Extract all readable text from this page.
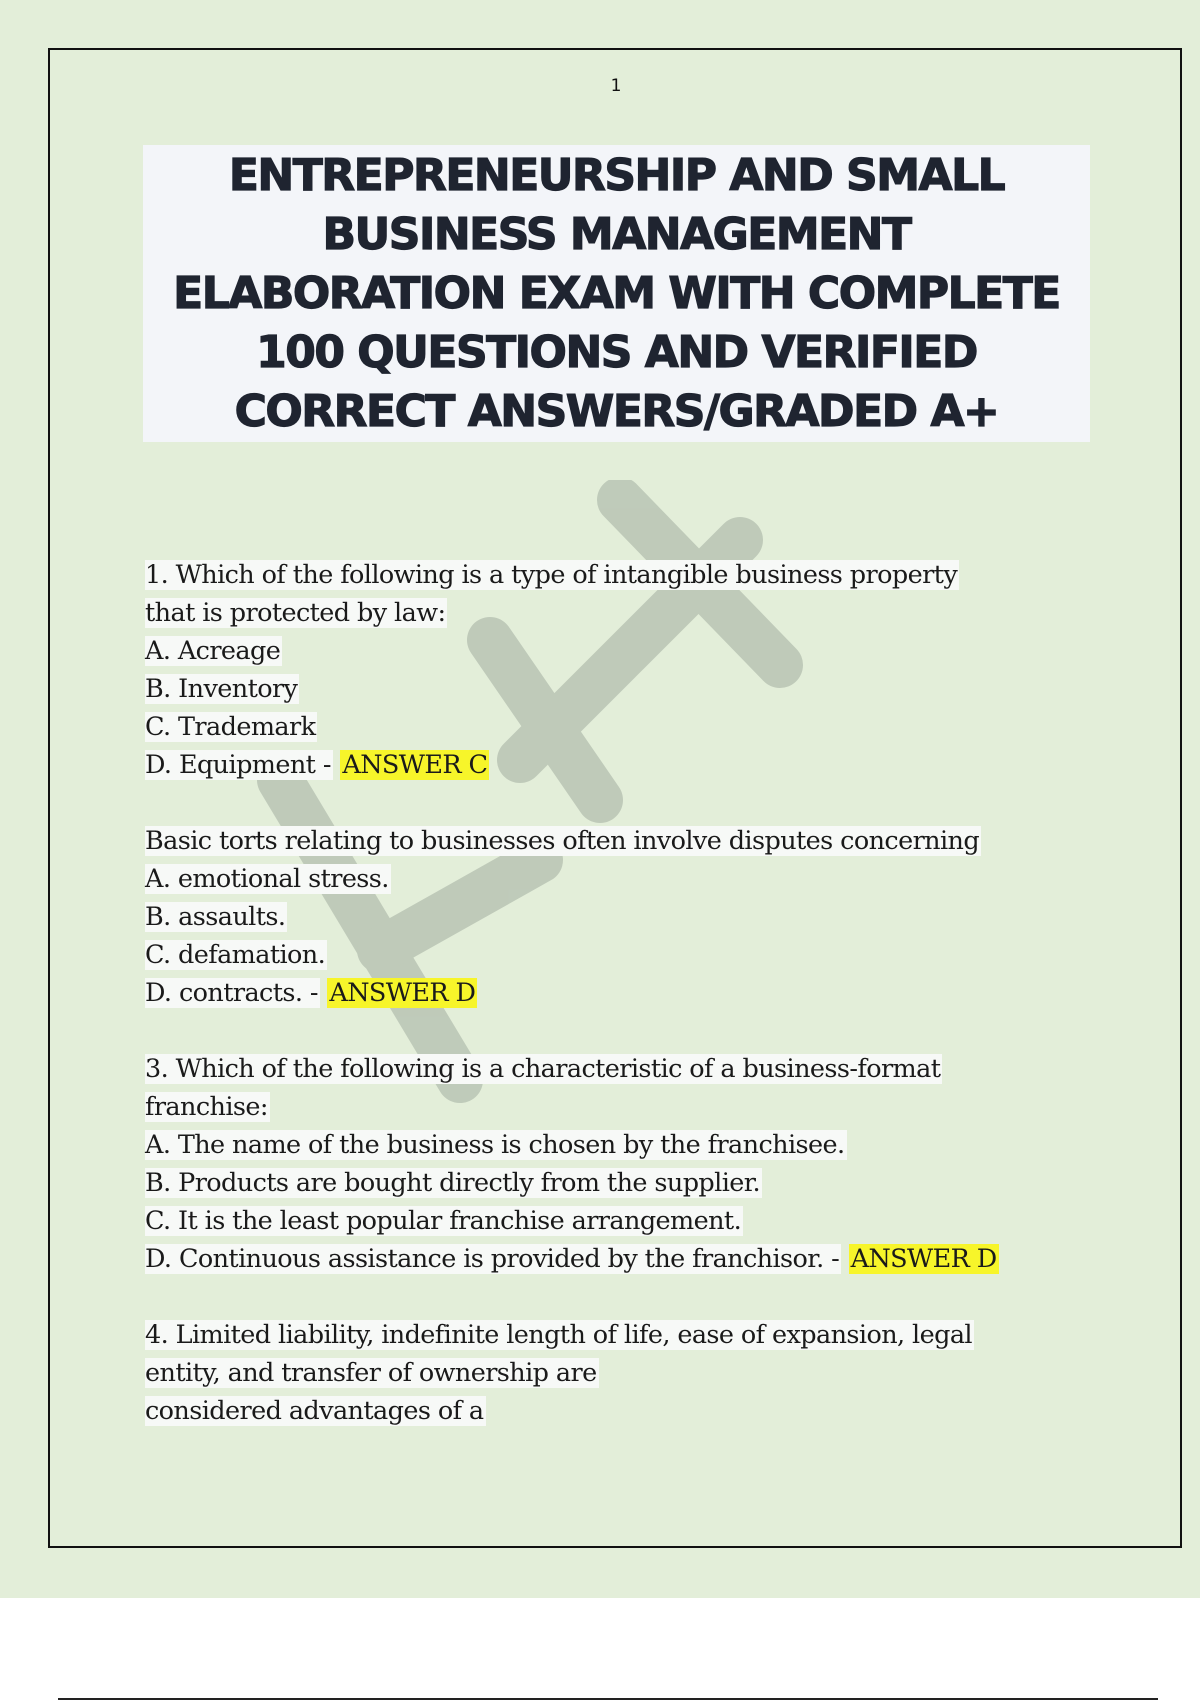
1
ENTREPRENEURSHIP AND SMALL
BUSINESS MANAGEMENT
ELABORATION EXAM WITH COMPLETE
100 QUESTIONS AND VERIFIED
CORRECT ANSWERS/GRADED A+
1. Which of the following is a type of intangible business property
that is protected by law:
A. Acreage
B. Inventory
C. Trademark
D. Equipment - ANSWER C
Basic torts relating to businesses often involve disputes concerning
A. emotional stress.
B. assaults.
C. defamation.
D. contracts. - ANSWER D
3. Which of the following is a characteristic of a business-format
franchise:
A. The name of the business is chosen by the franchisee.
B. Products are bought directly from the supplier.
C. It is the least popular franchise arrangement.
D. Continuous assistance is provided by the franchisor. - ANSWER D
4. Limited liability, indefinite length of life, ease of expansion, legal
entity, and transfer of ownership are
considered advantages of a
